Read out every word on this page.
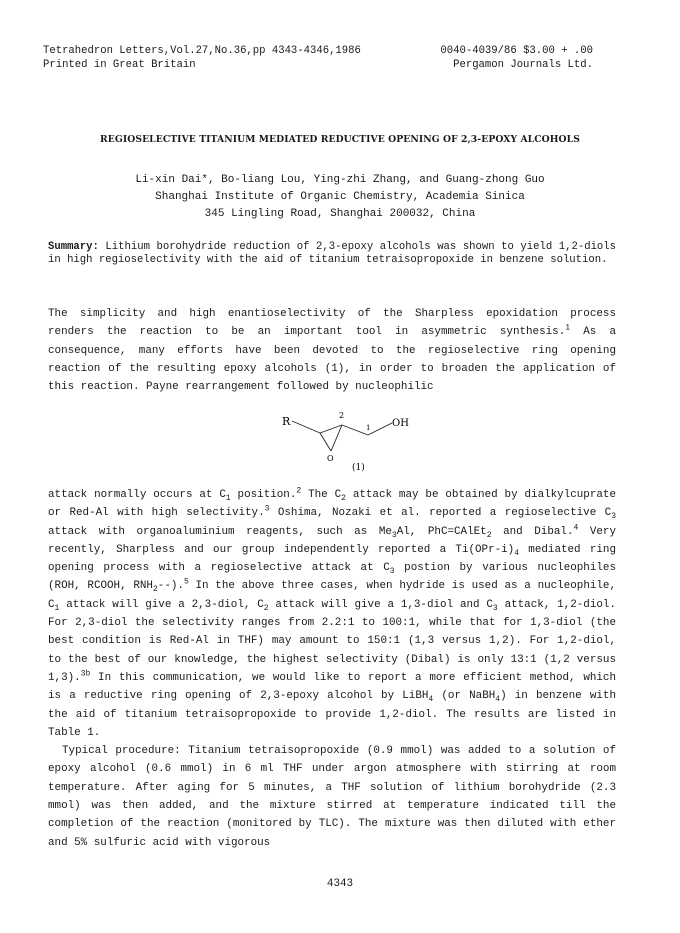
Tetrahedron Letters,Vol.27,No.36,pp 4343-4346,1986	0040-4039/86 $3.00 + .00
Printed in Great Britain	Pergamon Journals Ltd.
REGIOSELECTIVE TITANIUM MEDIATED REDUCTIVE OPENING OF 2,3-EPOXY ALCOHOLS
Li-xin Dai*, Bo-liang Lou, Ying-zhi Zhang, and Guang-zhong Guo
Shanghai Institute of Organic Chemistry, Academia Sinica
345 Lingling Road, Shanghai 200032, China
Summary: Lithium borohydride reduction of 2,3-epoxy alcohols was shown to yield 1,2-diols in high regioselectivity with the aid of titanium tetraisopropoxide in benzene solution.

The simplicity and high enantioselectivity of the Sharpless epoxidation process renders the reaction to be an important tool in asymmetric synthesis.$^1$ As a consequence, many efforts have been devoted to the regioselective ring opening reaction of the resulting epoxy alcohols (1), in order to broaden the application of this reaction. Payne rearrangement followed by nucleophilic

R	2
1
O
OH
(1)

attack normally occurs at $C_1$ position.$^2$ The $C_2$ attack may be obtained by dialkylcuprate or Red-Al with high selectivity.$^3$ Oshima, Nozaki et al. reported a regioselective $C_3$ attack with organoaluminium reagents, such as $Me_3Al$, PhC=CAlEt$_2$ and Dibal.$^4$ Very recently, Sharpless and our group independently reported a $Ti(OPr-i)_4$ mediated ring opening process with a regioselective attack at $C_3$ postion by various nucleophiles (ROH, RCOOH, $RNH_2--).^5$ In the above three cases, when hydride is used as a nucleophile, $C_1$ attack will give a 2,3-diol, $C_2$ attack will give a 1,3-diol and $C_3$ attack, 1,2-diol. For 2,3-diol the selectivity ranges from 2.2:1 to 100:1, while that for 1,3-diol (the best condition is Red-Al in THF) may amount to 150:1 (1,3 versus 1,2). For 1,2-diol, to the best of our knowledge, the highest selectivity (Dibal) is only 13:1 (1,2 versus 1,3).$^{3b}$ In this communication, we would like to report a more efficient method, which is a reductive ring opening of 2,3-epoxy alcohol by LiBH$_4$ (or NaBH$_4$) in benzene with the aid of titanium tetraisopropoxide to provide 1,2-diol. The results are listed in Table 1.

Typical procedure: Titanium tetraisopropoxide (0.9 mmol) was added to a solution of epoxy alcohol (0.6 mmol) in 6 ml THF under argon atmosphere with stirring at room temperature. After aging for 5 minutes, a THF solution of lithium borohydride (2.3 mmol) was then added, and the mixture stirred at temperature indicated till the completion of the reaction (monitored by TLC). The mixture was then diluted with ether and 5% sulfuric acid with vigorous

4343
